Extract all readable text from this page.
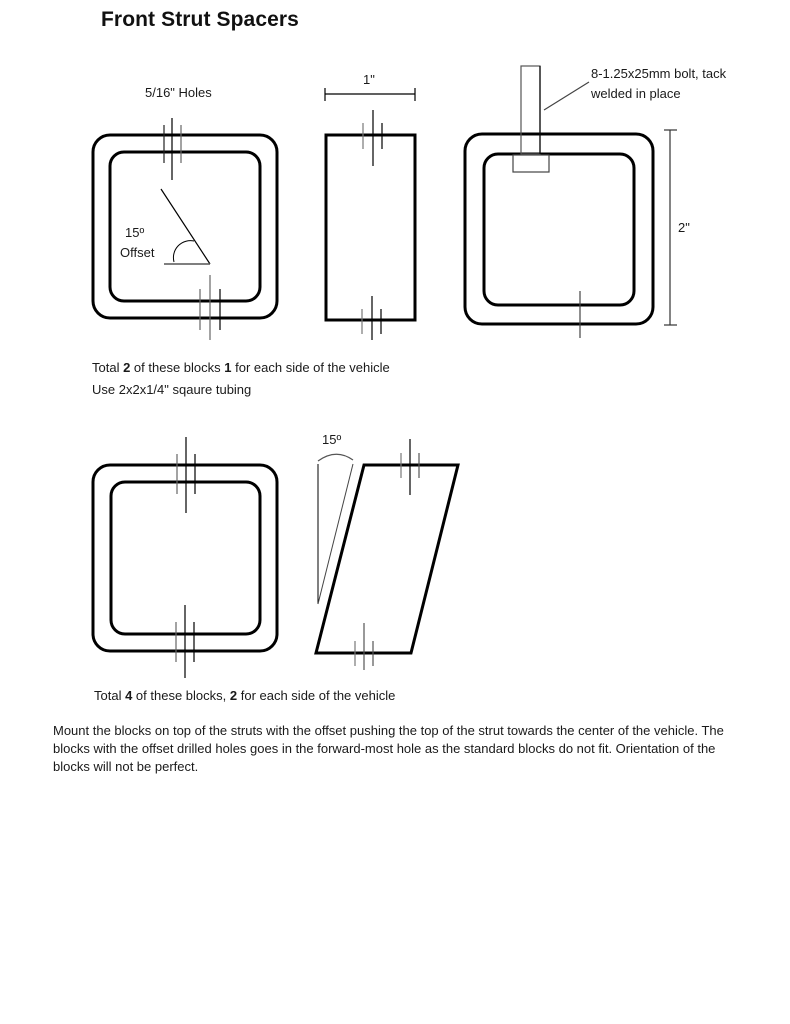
Front Strut Spacers
5/16" Holes
1"	8-1.25x25mm bolt, tack
welded in place
2"
15º
Offset
15º
Total 2 of these blocks 1 for each side of the vehicle
Use 2x2x1/4" sqaure tubing
Total 4 of these blocks, 2 for each side of the vehicle
Mount the blocks on top of the struts with the offset pushing the top of the strut towards the center of the vehicle. The blocks with the offset drilled holes goes in the forward-most hole as the standard blocks do not fit. Orientation of the blocks will not be perfect.
